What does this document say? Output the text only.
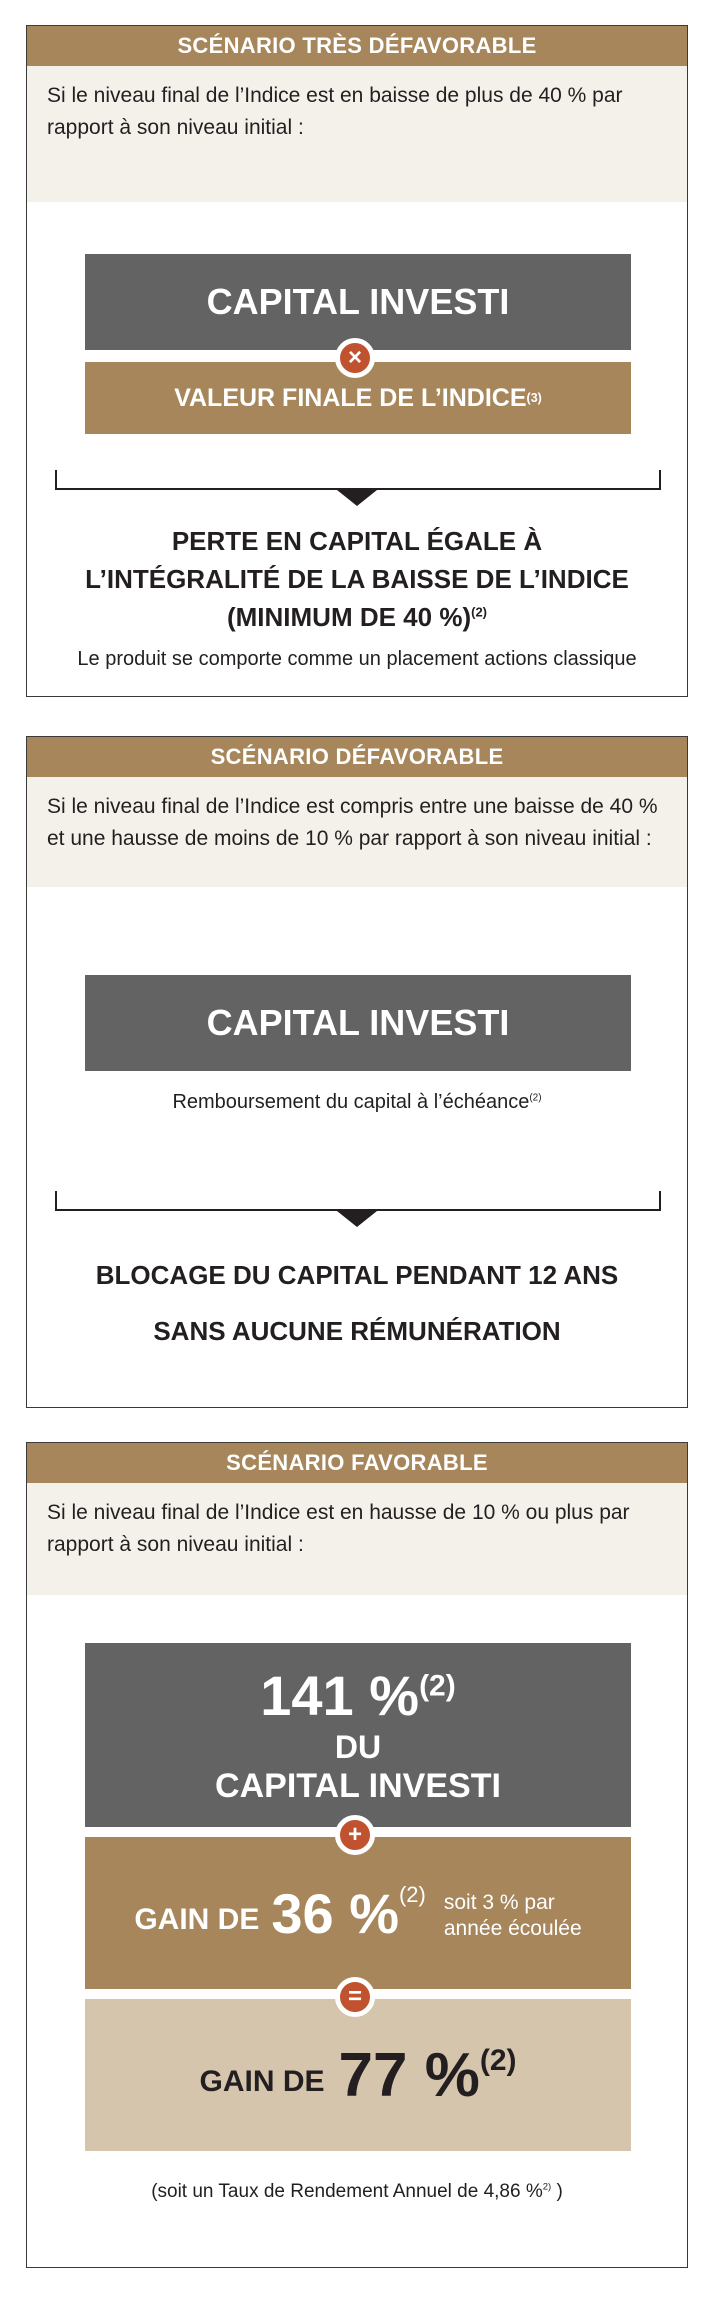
SCÉNARIO TRÈS DÉFAVORABLE
Si le niveau final de l’Indice est en baisse de plus de 40 % par rapport à son niveau initial :
CAPITAL INVESTI
×
VALEUR FINALE DE L’INDICE (3)
PERTE EN CAPITAL ÉGALE À
L’INTÉGRALITÉ DE LA BAISSE DE L’INDICE
(MINIMUM DE 40 %)$^{(2)}$
Le produit se comporte comme un placement actions classique
SCÉNARIO DÉFAVORABLE
Si le niveau final de l’Indice est compris entre une baisse de 40 % et une hausse de moins de 10 % par rapport à son niveau initial :
CAPITAL INVESTI
Remboursement du capital à l’échéance$^{(2)}$
BLOCAGE DU CAPITAL PENDANT 12 ANS
SANS AUCUNE RÉMUNÉRATION
SCÉNARIO FAVORABLE
Si le niveau final de l’Indice est en hausse de 10 % ou plus par rapport à son niveau initial :
141 %$^{(2)}$
DU
CAPITAL INVESTI
+
GAIN DE 36 %$^{(2)}$ soit 3 % par
année écoulée
=
GAIN DE 77 %$^{(2)}$
(soit un Taux de Rendement Annuel de 4,86 %$^{2)}$ )
